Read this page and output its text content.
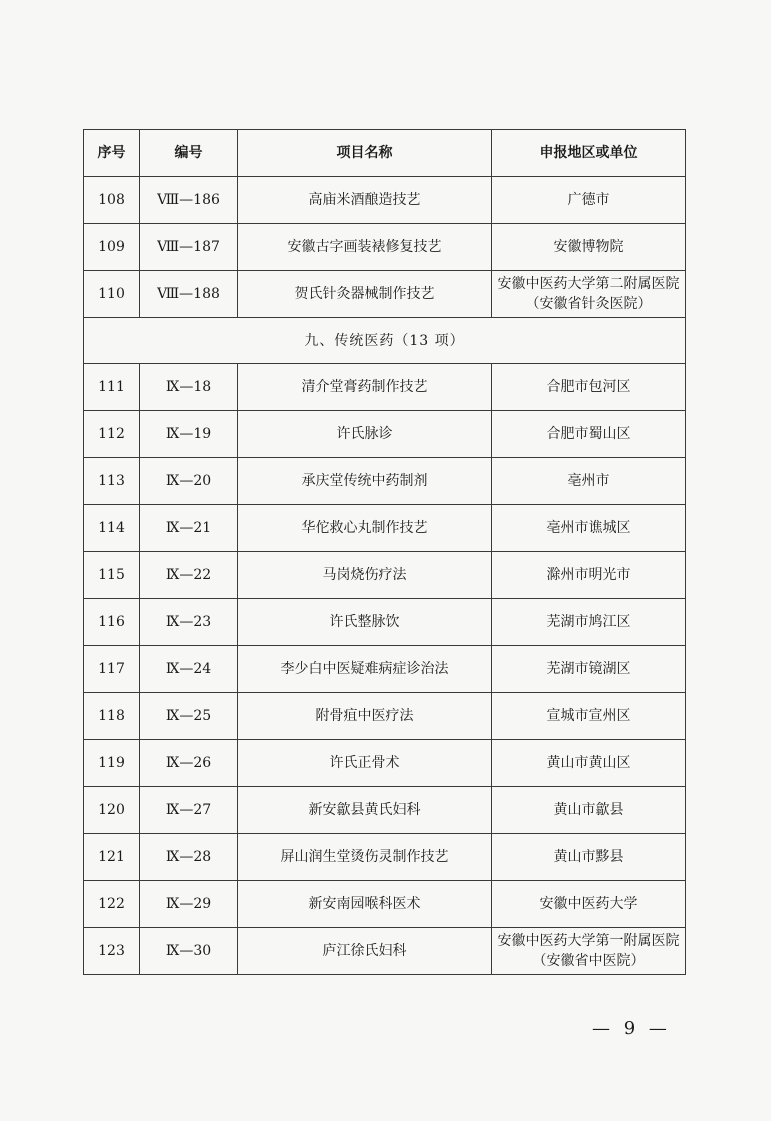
序号	编号	项目名称	申报地区或单位
108	Ⅷ—186	高庙米酒酿造技艺	广德市
109	Ⅷ—187	安徽古字画装裱修复技艺	安徽博物院
110	Ⅷ—188	贺氏针灸器械制作技艺	安徽中医药大学第二附属医院（安徽省针灸医院）
九、传统医药（13 项）			
111	Ⅸ—18	清介堂膏药制作技艺	合肥市包河区
112	Ⅸ—19	许氏脉诊	合肥市蜀山区
113	Ⅸ—20	承庆堂传统中药制剂	亳州市
114	Ⅸ—21	华佗救心丸制作技艺	亳州市谯城区
115	Ⅸ—22	马岗烧伤疗法	滁州市明光市
116	Ⅸ—23	许氏整脉饮	芜湖市鸠江区
117	Ⅸ—24	李少白中医疑难病症诊治法	芜湖市镜湖区
118	Ⅸ—25	附骨疽中医疗法	宣城市宣州区
119	Ⅸ—26	许氏正骨术	黄山市黄山区
120	Ⅸ—27	新安歙县黄氏妇科	黄山市歙县
121	Ⅸ—28	屏山润生堂烫伤灵制作技艺	黄山市黟县
122	Ⅸ—29	新安南园喉科医术	安徽中医药大学
123	Ⅸ—30	庐江徐氏妇科	安徽中医药大学第一附属医院（安徽省中医院）
— 9 —
